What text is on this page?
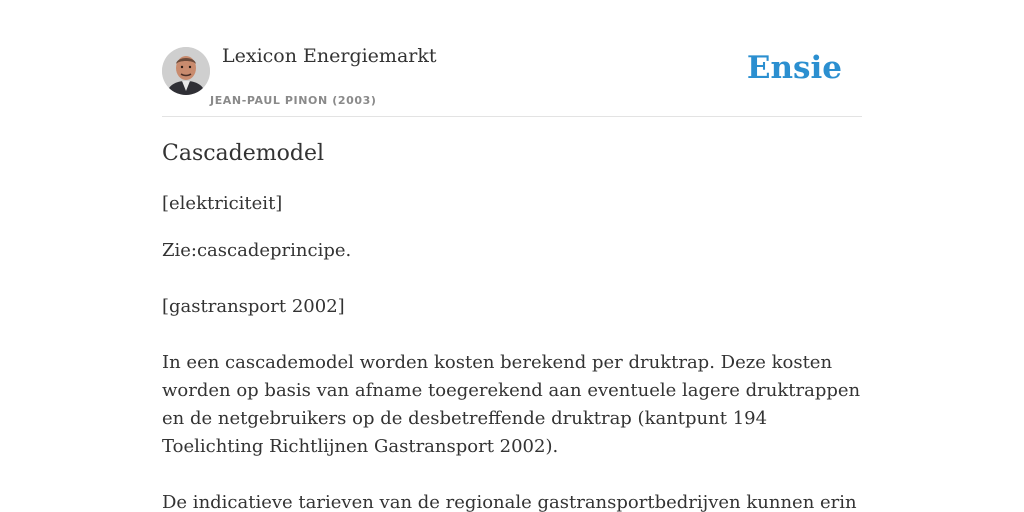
Lexicon Energiemarkt
JEAN-PAUL PINON (2003)
Ensie
Cascademodel

[elektriciteit]

Zie:cascadeprincipe.

[gastransport 2002]

In een cascademodel worden kosten berekend per druktrap. Deze kosten worden op basis van afname toegerekend aan eventuele lagere druktrappen en de netgebruikers op de desbetreffende druktrap (kantpunt 194 Toelichting Richtlijnen Gastransport 2002).

De indicatieve tarieven van de regionale gastransportbedrijven kunnen erin
